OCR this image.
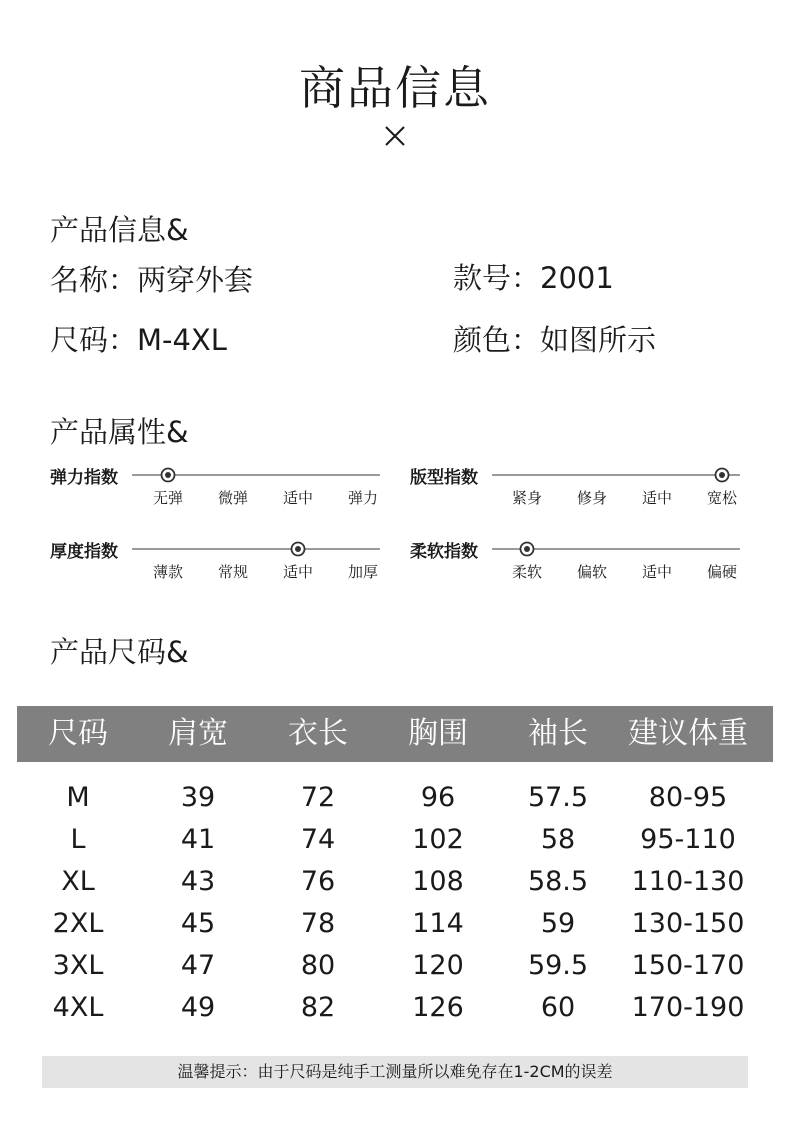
商品信息
产品信息&
名称：两穿外套	款号：2001
尺码：M-4XL	颜色：如图所示
产品属性&
弹力指数
无弹	微弹	适中	弹力
版型指数
紧身	修身	适中	宽松
厚度指数
薄款	常规	适中	加厚
柔软指数
柔软	偏软	适中	偏硬
产品尺码&
尺码	肩宽	衣长	胸围	袖长	建议体重
M	39	72	96	57.5	80-95
L	41	74	102	58	95-110
XL	43	76	108	58.5	110-130
2XL	45	78	114	59	130-150
3XL	47	80	120	59.5	150-170
4XL	49	82	126	60	170-190
温馨提示：由于尺码是纯手工测量所以难免存在1-2CM的误差
